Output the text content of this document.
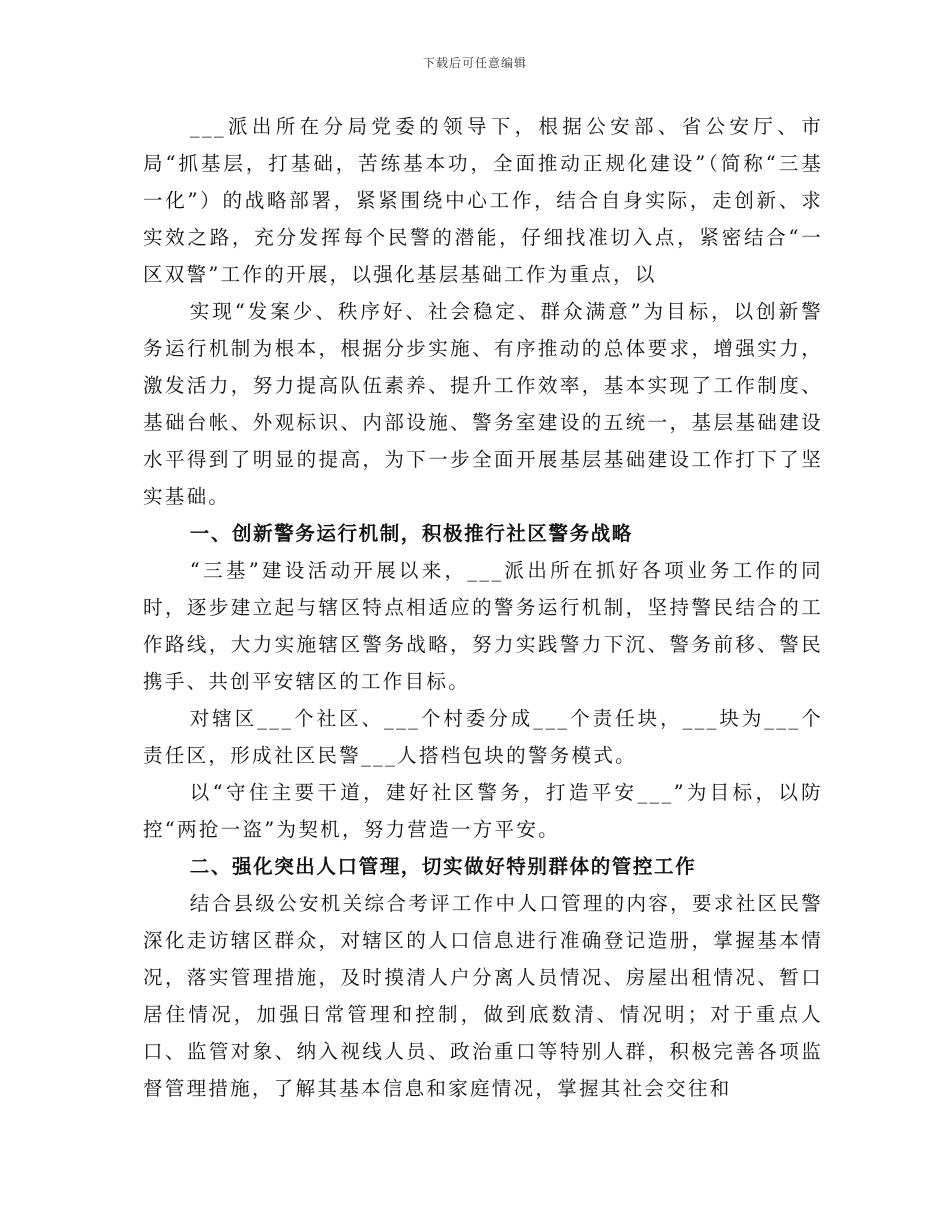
下载后可任意编辑

___派出所在分局党委的领导下，根据公安部、省公安厅、市局“抓基层，打基础，苦练基本功，全面推动正规化建设”（简称“三基一化”）的战略部署，紧紧围绕中心工作，结合自身实际，走创新、求实效之路，充分发挥每个民警的潜能，仔细找准切入点，紧密结合“一区双警”工作的开展，以强化基层基础工作为重点，以

实现“发案少、秩序好、社会稳定、群众满意”为目标，以创新警务运行机制为根本，根据分步实施、有序推动的总体要求，增强实力，激发活力，努力提高队伍素养、提升工作效率，基本实现了工作制度、基础台帐、外观标识、内部设施、警务室建设的五统一，基层基础建设水平得到了明显的提高，为下一步全面开展基层基础建设工作打下了坚实基础。

一、创新警务运行机制，积极推行社区警务战略

“三基”建设活动开展以来，___派出所在抓好各项业务工作的同时，逐步建立起与辖区特点相适应的警务运行机制，坚持警民结合的工作路线，大力实施辖区警务战略，努力实践警力下沉、警务前移、警民携手、共创平安辖区的工作目标。

对辖区___个社区、___个村委分成___个责任块，___块为___个责任区，形成社区民警___人搭档包块的警务模式。

以“守住主要干道，建好社区警务，打造平安___”为目标，以防控“两抢一盗”为契机，努力营造一方平安。

二、强化突出人口管理，切实做好特别群体的管控工作

结合县级公安机关综合考评工作中人口管理的内容，要求社区民警深化走访辖区群众，对辖区的人口信息进行准确登记造册，掌握基本情况，落实管理措施，及时摸清人户分离人员情况、房屋出租情况、暂口居住情况，加强日常管理和控制，做到底数清、情况明；对于重点人口、监管对象、纳入视线人员、政治重口等特别人群，积极完善各项监督管理措施，了解其基本信息和家庭情况，掌握其社会交往和
